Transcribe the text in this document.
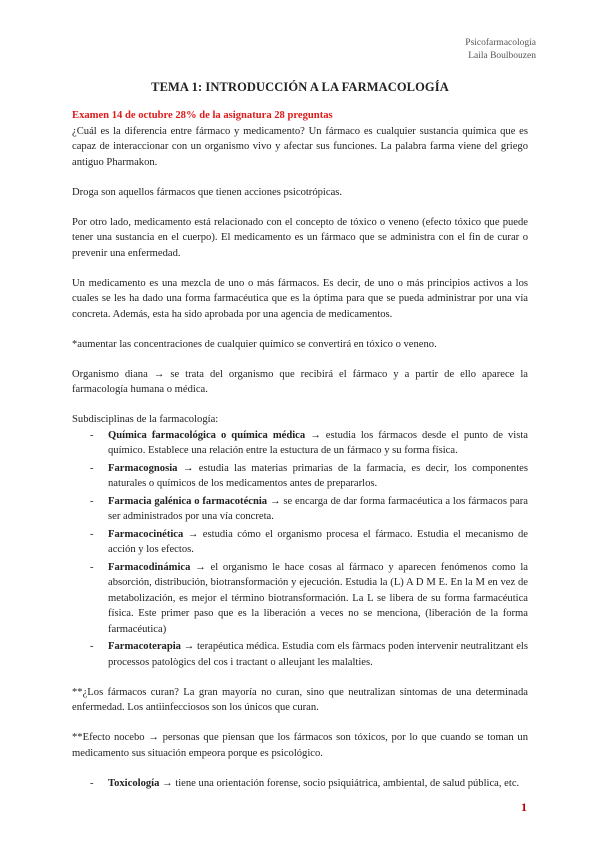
Psicofarmacología
Laila Boulbouzen
TEMA 1: INTRODUCCIÓN A LA FARMACOLOGÍA

Examen 14 de octubre 28% de la asignatura 28 preguntas
¿Cuál es la diferencia entre fármaco y medicamento? Un fármaco es cualquier sustancia química que es capaz de interaccionar con un organismo vivo y afectar sus funciones. La palabra farma viene del griego antiguo Pharmakon.

Droga son aquellos fármacos que tienen acciones psicotrópicas.

Por otro lado, medicamento está relacionado con el concepto de tóxico o veneno (efecto tóxico que puede tener una sustancia en el cuerpo). El medicamento es un fármaco que se administra con el fin de curar o prevenir una enfermedad.

Un medicamento es una mezcla de uno o más fármacos. Es decir, de uno o más principios activos a los cuales se les ha dado una forma farmacéutica que es la óptima para que se pueda administrar por una vía concreta. Además, esta ha sido aprobada por una agencia de medicamentos.

*aumentar las concentraciones de cualquier químico se convertirá en tóxico o veneno.

Organismo diana → se trata del organismo que recibirá el fármaco y a partir de ello aparece la farmacología humana o médica.

Subdisciplinas de la farmacología:
- Química farmacológica o química médica → estudia los fármacos desde el punto de vista químico. Establece una relación entre la estuctura de un fármaco y su forma física.
- Farmacognosia → estudia las materias primarias de la farmacia, es decir, los componentes naturales o químicos de los medicamentos antes de prepararlos.
- Farmacia galénica o farmacotécnia → se encarga de dar forma farmacéutica a los fármacos para ser administrados por una vía concreta.
- Farmacocinética → estudia cómo el organismo procesa el fármaco. Estudia el mecanismo de acción y los efectos.
- Farmacodinámica → el organismo le hace cosas al fármaco y aparecen fenómenos como la absorción, distribución, biotransformación y ejecución. Estudia la (L) A D M E. En la M en vez de metabolización, es mejor el término biotransformación. La L se libera de su forma farmacéutica física. Este primer paso que es la liberación a veces no se menciona, (liberación de la forma farmacéutica)
- Farmacoterapia → terapéutica médica. Estudia com els fàrmacs poden intervenir neutralitzant els processos patològics del cos i tractant o alleujant les malalties.

**¿Los fármacos curan? La gran mayoría no curan, sino que neutralizan síntomas de una determinada enfermedad. Los antiinfecciosos son los únicos que curan.

**Efecto nocebo → personas que piensan que los fármacos son tóxicos, por lo que cuando se toman un medicamento sus situación empeora porque es psicológico.

- Toxicología → tiene una orientación forense, socio psiquiátrica, ambiental, de salud pública, etc.
1
